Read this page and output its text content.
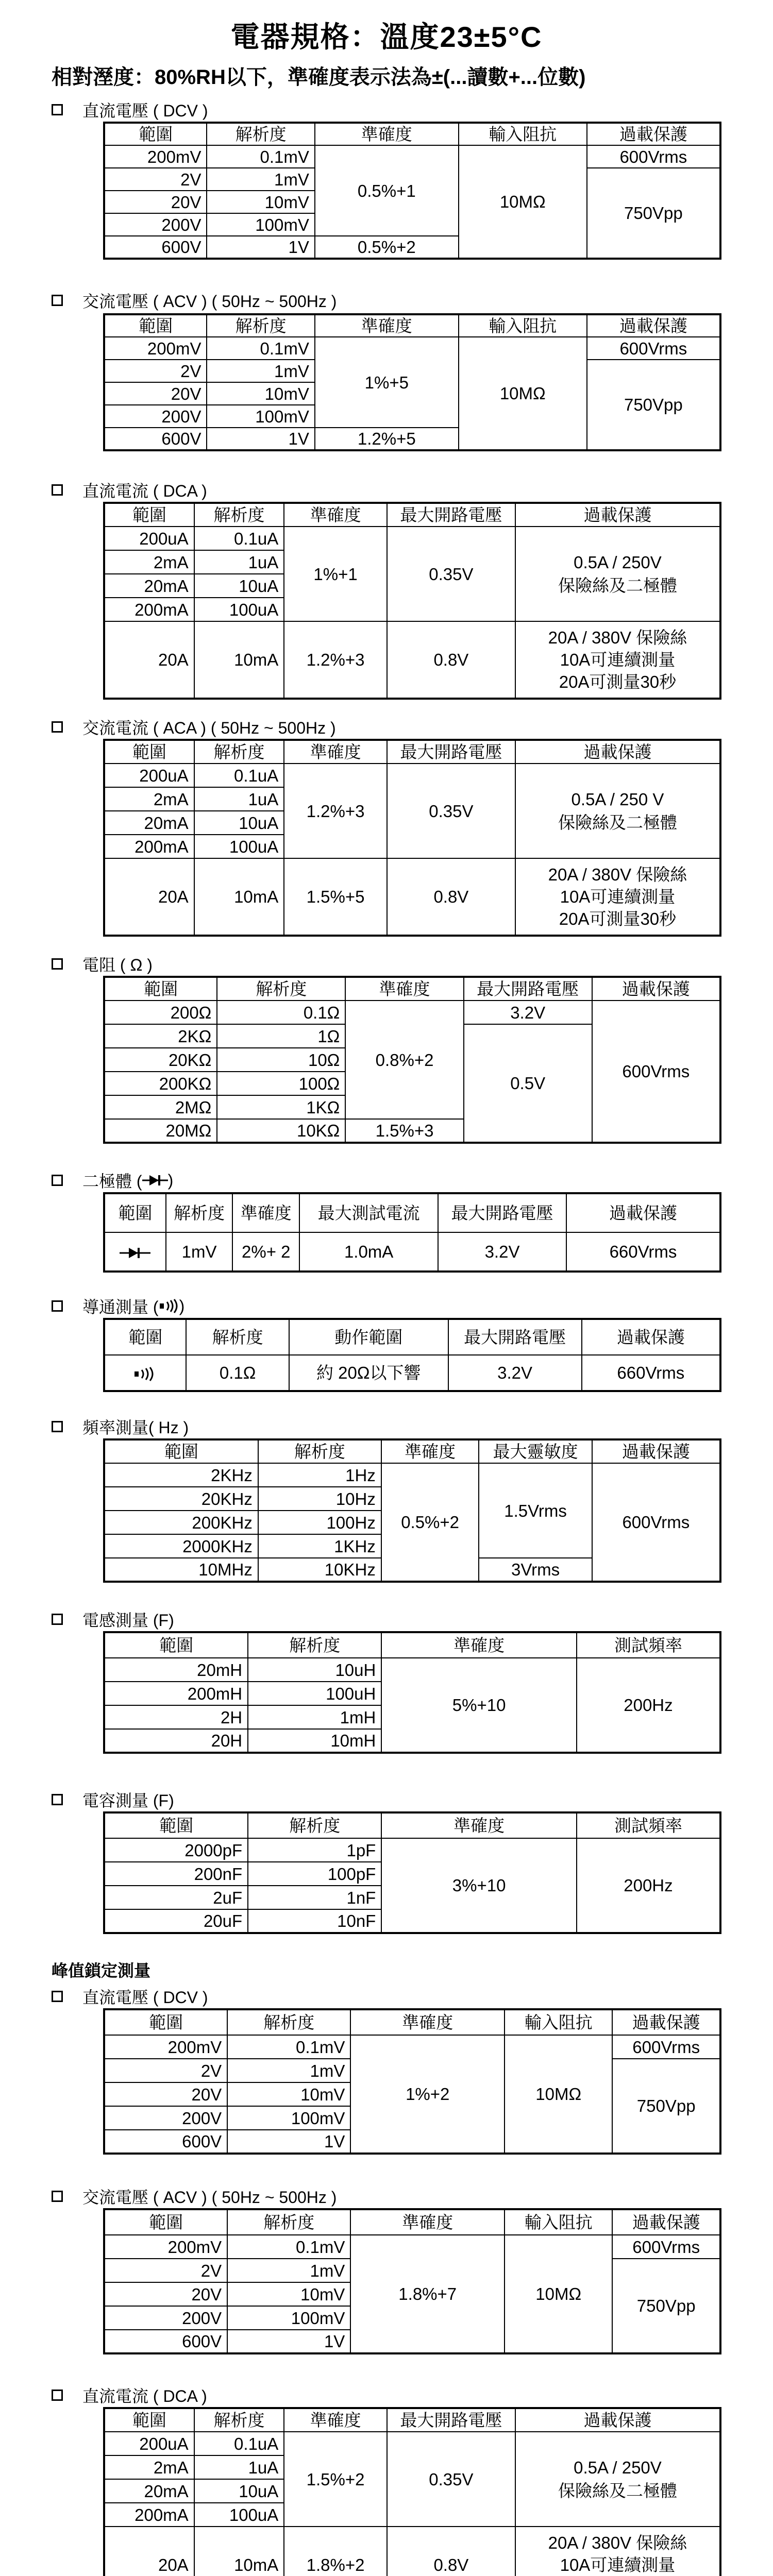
電器規格：溫度23±5°C
相對溼度：80%RH以下，準確度表示法為±(...讀數+...位數)
直流電壓 ( DCV )
範圍	解析度	準確度	輸入阻抗	過載保護
200mV	0.1mV	0.5%+1	10MΩ	600Vrms
2V	1mV			750Vpp
20V	10mV			
200V	100mV			
600V	1V	0.5%+2		
交流電壓 ( ACV ) ( 50Hz ~ 500Hz )
範圍	解析度	準確度	輸入阻抗	過載保護
200mV	0.1mV	1%+5	10MΩ	600Vrms
2V	1mV			750Vpp
20V	10mV			
200V	100mV			
600V	1V	1.2%+5		
直流電流 ( DCA )
範圍	解析度	準確度	最大開路電壓	過載保護
200uA	0.1uA	1%+1	0.35V	0.5A / 250V
保險絲及二極體

2mA	1uA			
20mA	10uA			
200mA	100uA			
20A	10mA	1.2%+3	0.8V	20A / 380V 保險絲
10A可連續測量
20A可測量30秒
交流電流 ( ACA ) ( 50Hz ~ 500Hz )
範圍	解析度	準確度	最大開路電壓	過載保護
200uA	0.1uA	1.2%+3	0.35V	0.5A / 250 V
保險絲及二極體

2mA	1uA			
20mA	10uA			
200mA	100uA			
20A	10mA	1.5%+5	0.8V	20A / 380V 保險絲
10A可連續測量
20A可測量30秒
電阻 ( Ω )
範圍	解析度	準確度	最大開路電壓	過載保護
200Ω	0.1Ω	0.8%+2	3.2V	600Vrms
2KΩ	1Ω		0.5V	
20KΩ	10Ω			
200KΩ	100Ω			
2MΩ	1KΩ			
20MΩ	10KΩ	1.5%+3		
二極體 ( )
範圍	解析度	準確度	最大測試電流	最大開路電壓	過載保護
	1mV	2%+ 2	1.0mA	3.2V	660Vrms
導通測量 ( )
範圍	解析度	動作範圍	最大開路電壓	過載保護
	0.1Ω	約 20Ω以下響	3.2V	660Vrms
頻率測量( Hz )
範圍	解析度	準確度	最大靈敏度	過載保護
2KHz	1Hz	0.5%+2	1.5Vrms	600Vrms
20KHz	10Hz			
200KHz	100Hz			
2000KHz	1KHz			
10MHz	10KHz		3Vrms	
電感測量 (F)
範圍	解析度	準確度	測試頻率
20mH	10uH	5%+10	200Hz
200mH	100uH		
2H	1mH		
20H	10mH		
電容測量 (F)
範圍	解析度	準確度	測試頻率
2000pF	1pF	3%+10	200Hz
200nF	100pF		
2uF	1nF		
20uF	10nF		
峰值鎖定測量
直流電壓 ( DCV )
範圍	解析度	準確度	輸入阻抗	過載保護
200mV	0.1mV	1%+2	10MΩ	600Vrms
2V	1mV			750Vpp
20V	10mV			
200V	100mV			
600V	1V			
交流電壓 ( ACV ) ( 50Hz ~ 500Hz )
範圍	解析度	準確度	輸入阻抗	過載保護
200mV	0.1mV	1.8%+7	10MΩ	600Vrms
2V	1mV			750Vpp
20V	10mV			
200V	100mV			
600V	1V			
直流電流 ( DCA )
範圍	解析度	準確度	最大開路電壓	過載保護
200uA	0.1uA	1.5%+2	0.35V	0.5A / 250V
保險絲及二極體

2mA	1uA			
20mA	10uA			
200mA	100uA			
20A	10mA	1.8%+2	0.8V	20A / 380V 保險絲
10A可連續測量
